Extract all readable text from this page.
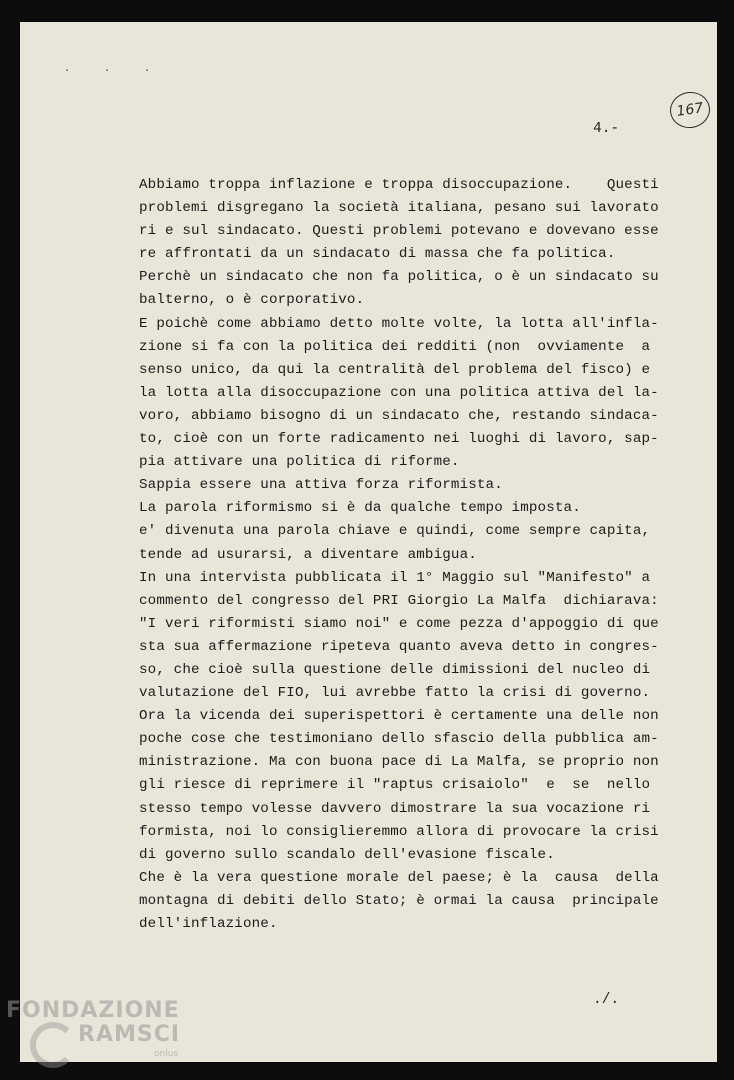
· · ·
167
4.-
Abbiamo troppa inflazione e troppa disoccupazione.    Questi
problemi disgregano la società italiana, pesano sui lavorato
ri e sul sindacato. Questi problemi potevano e dovevano esse
re affrontati da un sindacato di massa che fa politica.
Perchè un sindacato che non fa politica, o è un sindacato su
balterno, o è corporativo.
E poichè come abbiamo detto molte volte, la lotta all'infla-
zione si fa con la politica dei redditi (non  ovviamente  a
senso unico, da qui la centralità del problema del fisco) e
la lotta alla disoccupazione con una politica attiva del la-
voro, abbiamo bisogno di un sindacato che, restando sindaca-
to, cioè con un forte radicamento nei luoghi di lavoro, sap-
pia attivare una politica di riforme.
Sappia essere una attiva forza riformista.
La parola riformismo si è da qualche tempo imposta.
e' divenuta una parola chiave e quindi, come sempre capita,
tende ad usurarsi, a diventare ambigua.
In una intervista pubblicata il 1° Maggio sul "Manifesto" a
commento del congresso del PRI Giorgio La Malfa  dichiarava:
"I veri riformisti siamo noi" e come pezza d'appoggio di que
sta sua affermazione ripeteva quanto aveva detto in congres-
so, che cioè sulla questione delle dimissioni del nucleo di
valutazione del FIO, lui avrebbe fatto la crisi di governo.
Ora la vicenda dei superispettori è certamente una delle non
poche cose che testimoniano dello sfascio della pubblica am-
ministrazione. Ma con buona pace di La Malfa, se proprio non
gli riesce di reprimere il "raptus crisaiolo"  e  se  nello
stesso tempo volesse davvero dimostrare la sua vocazione ri
formista, noi lo consiglieremmo allora di provocare la crisi
di governo sullo scandalo dell'evasione fiscale.
Che è la vera questione morale del paese; è la  causa  della
montagna di debiti dello Stato; è ormai la causa  principale
dell'inflazione.
./.
FONDAZIONE
RAMSCI
onlus
